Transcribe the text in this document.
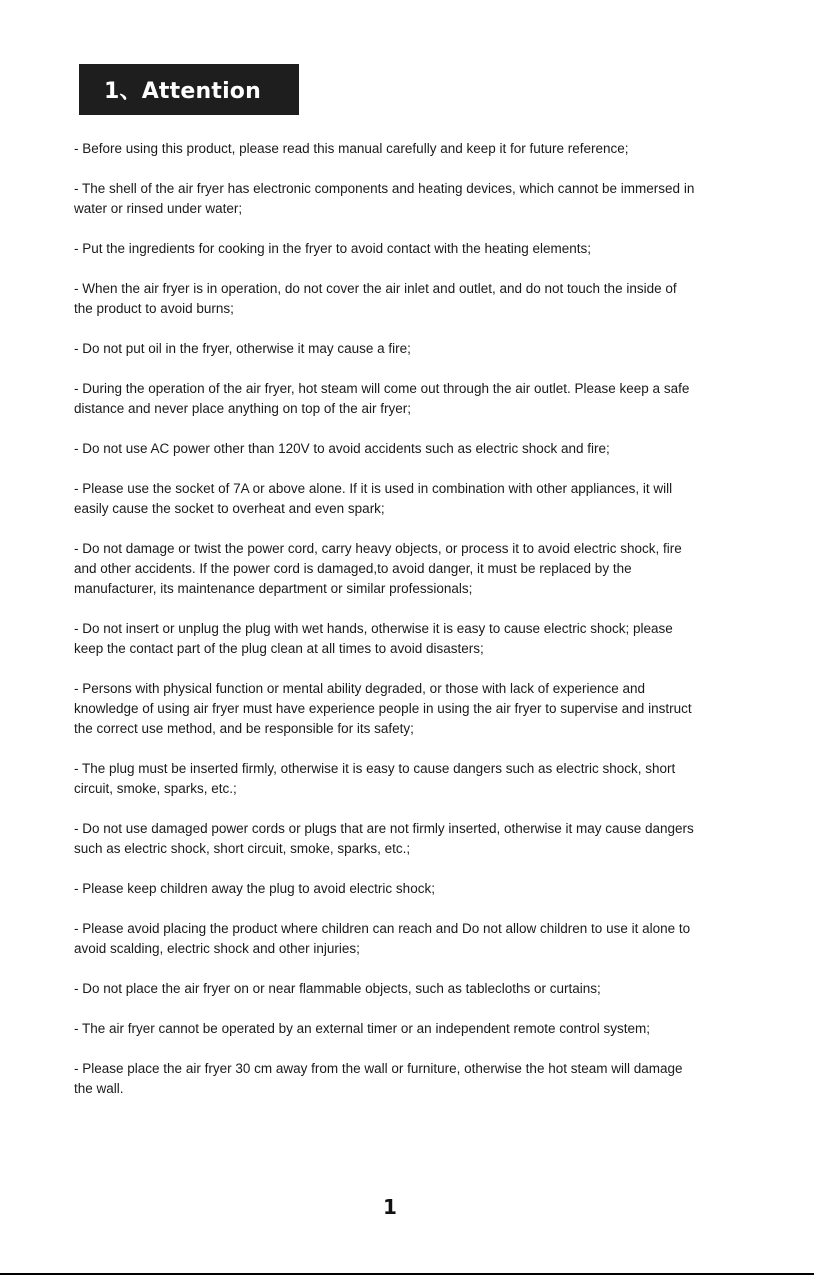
1、Attention
- Before using this product, please read this manual carefully and keep it for future reference;
- The shell of the air fryer has electronic components and heating devices, which cannot be immersed in
water or rinsed under water;
- Put the ingredients for cooking in the fryer to avoid contact with the heating elements;
- When the air fryer is in operation, do not cover the air inlet and outlet, and do not touch the inside of
the product to avoid burns;
- Do not put oil in the fryer, otherwise it may cause a fire;
- During the operation of the air fryer, hot steam will come out through the air outlet. Please keep a safe
distance and never place anything on top of the air fryer;
- Do not use AC power other than 120V to avoid accidents such as electric shock and fire;
- Please use the socket of 7A or above alone. If it is used in combination with other appliances, it will
easily cause the socket to overheat and even spark;
- Do not damage or twist the power cord, carry heavy objects, or process it to avoid electric shock, fire
and other accidents. If the power cord is damaged,to avoid danger, it must be replaced by the
manufacturer, its maintenance department or similar professionals;
- Do not insert or unplug the plug with wet hands, otherwise it is easy to cause electric shock; please
keep the contact part of the plug clean at all times to avoid disasters;
- Persons with physical function or mental ability degraded, or those with lack of experience and
knowledge of using air fryer must have experience people in using the air fryer to supervise and instruct
the correct use method, and be responsible for its safety;
- The plug must be inserted firmly, otherwise it is easy to cause dangers such as electric shock, short
circuit, smoke, sparks, etc.;
- Do not use damaged power cords or plugs that are not firmly inserted, otherwise it may cause dangers
such as electric shock, short circuit, smoke, sparks, etc.;
- Please keep children away the plug to avoid electric shock;
- Please avoid placing the product where children can reach and Do not allow children to use it alone to
avoid scalding, electric shock and other injuries;
- Do not place the air fryer on or near flammable objects, such as tablecloths or curtains;
- The air fryer cannot be operated by an external timer or an independent remote control system;
- Please place the air fryer 30 cm away from the wall or furniture, otherwise the hot steam will damage
the wall.
1
